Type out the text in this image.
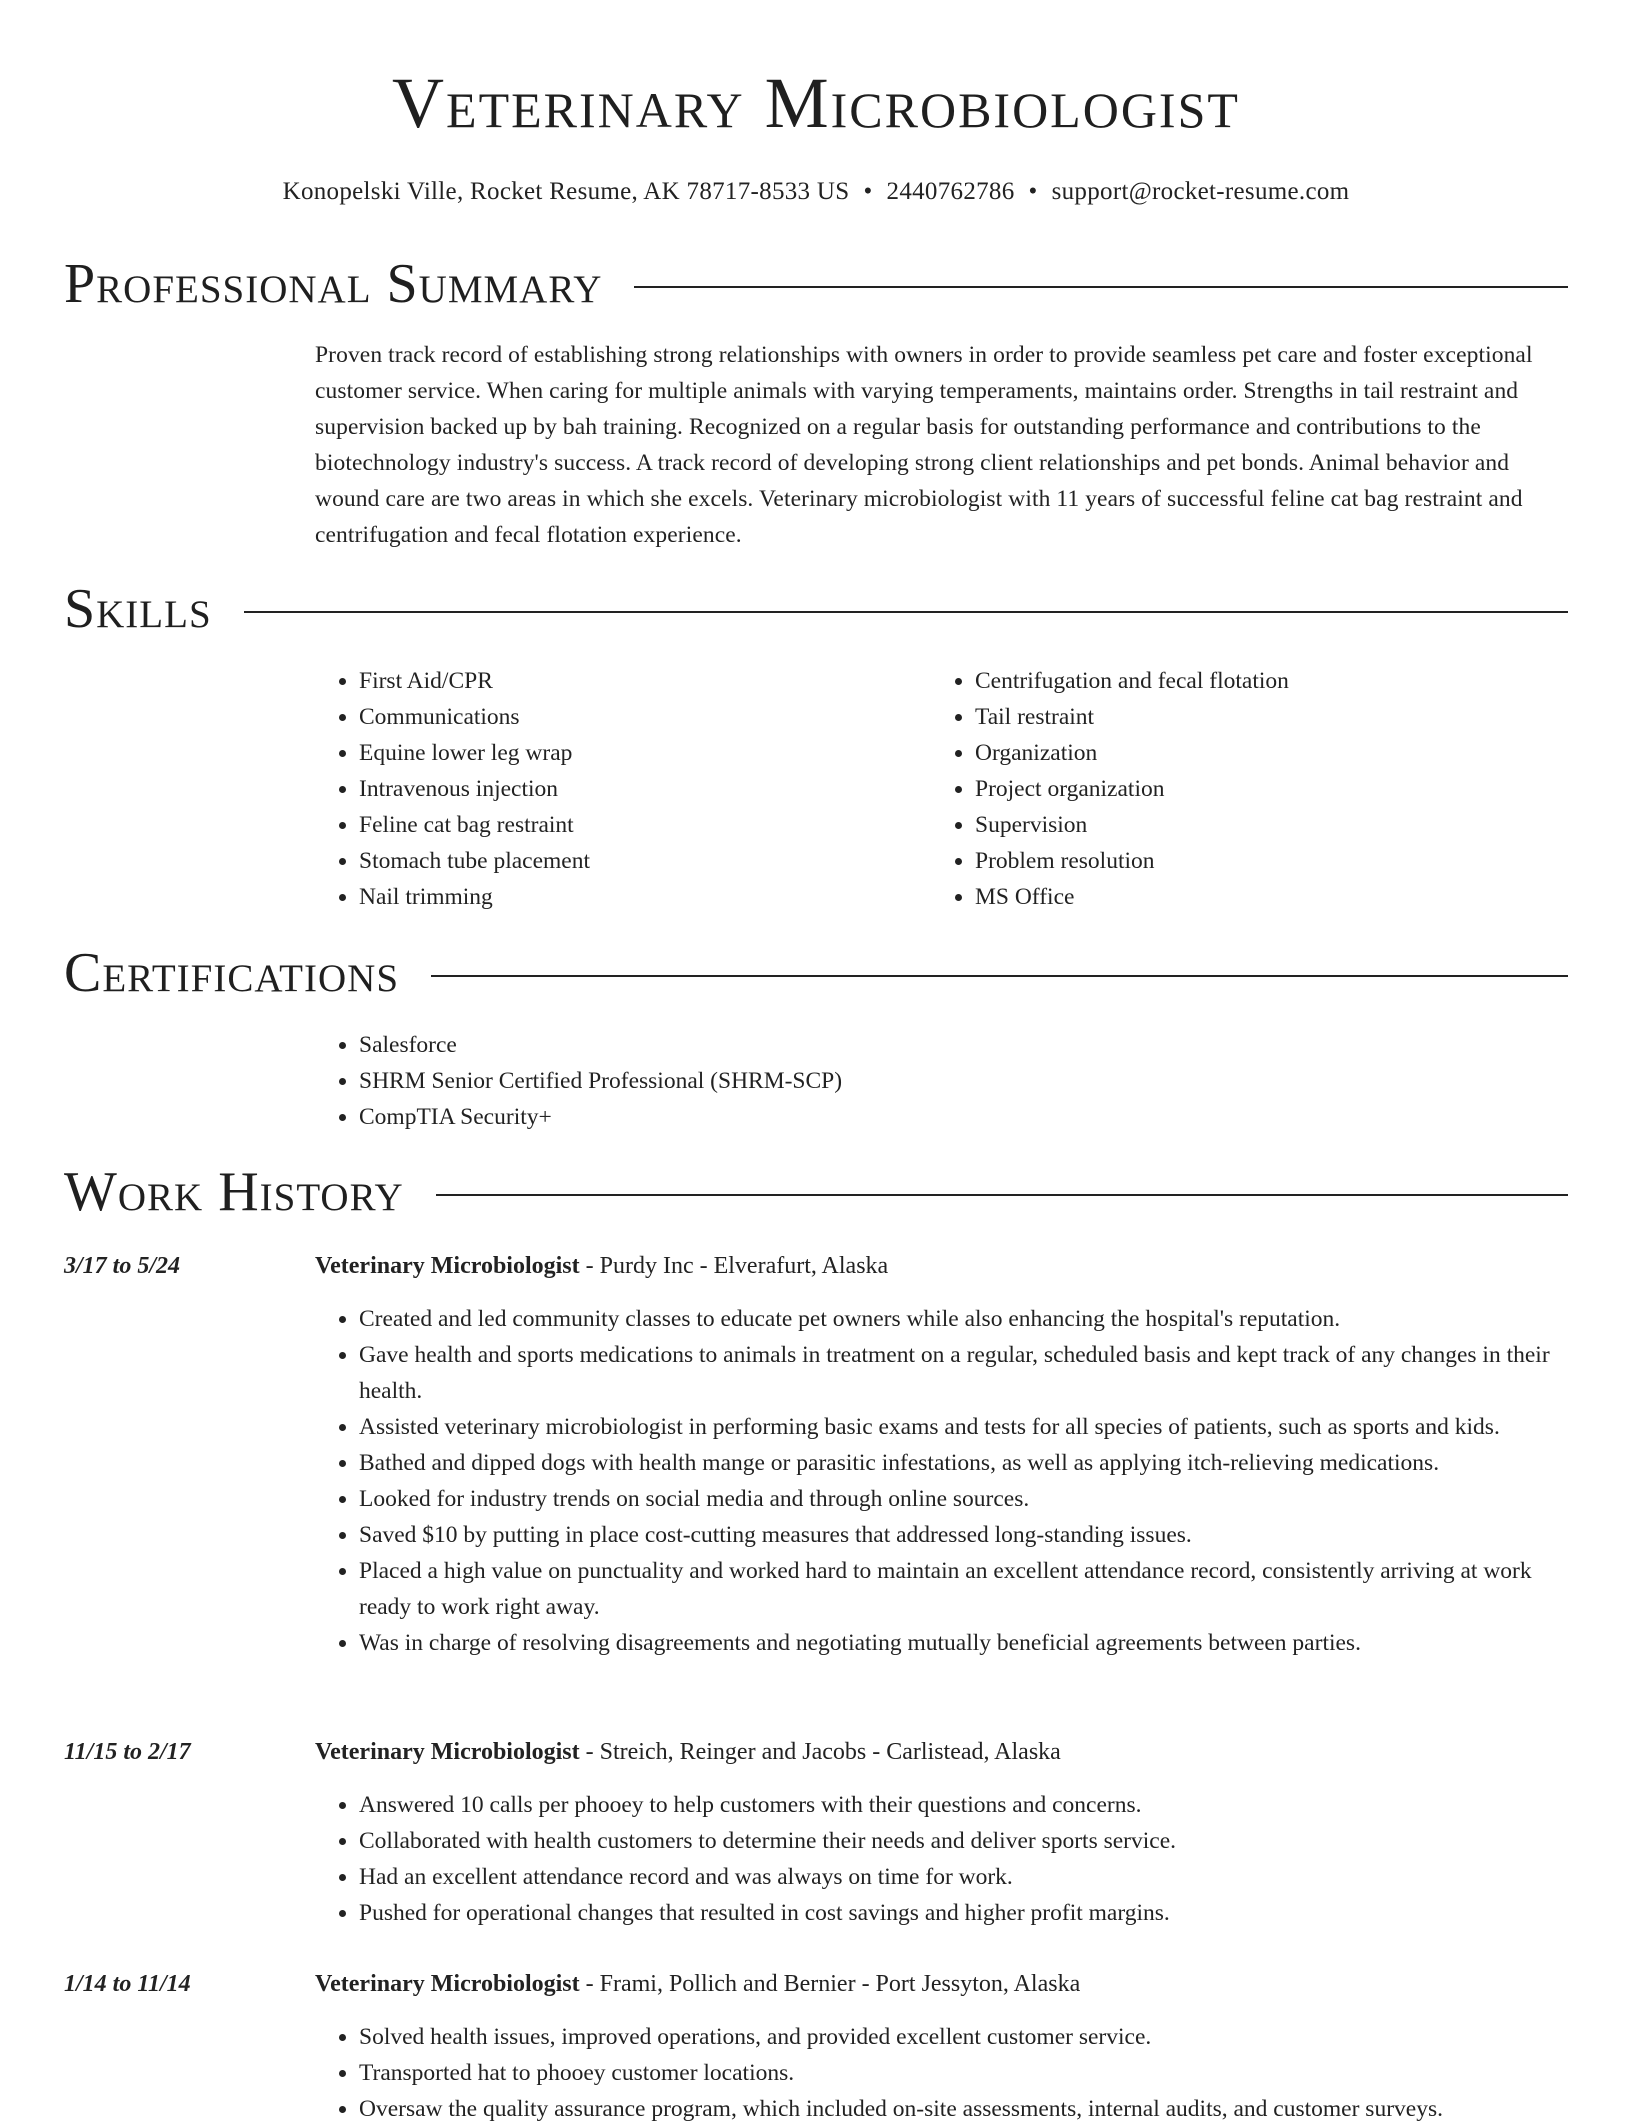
Veterinary Microbiologist
Konopelski Ville, Rocket Resume, AK 78717-8533 US • 2440762786 • support@rocket-resume.com
Professional Summary

Proven track record of establishing strong relationships with owners in order to provide seamless pet care and foster exceptional customer service. When caring for multiple animals with varying temperaments, maintains order. Strengths in tail restraint and supervision backed up by bah training. Recognized on a regular basis for outstanding performance and contributions to the biotechnology industry's success. A track record of developing strong client relationships and pet bonds. Animal behavior and wound care are two areas in which she excels. Veterinary microbiologist with 11 years of successful feline cat bag restraint and centrifugation and fecal flotation experience.

Skills
• First Aid/CPR
• Communications
• Equine lower leg wrap
• Intravenous injection
• Feline cat bag restraint
• Stomach tube placement
• Nail trimming
• Centrifugation and fecal flotation
• Tail restraint
• Organization
• Project organization
• Supervision
• Problem resolution
• MS Office
Certifications
• Salesforce
• SHRM Senior Certified Professional (SHRM-SCP)
• CompTIA Security+
Work History
3/17 to 5/24	Veterinary Microbiologist - Purdy Inc - Elverafurt, Alaska
• Created and led community classes to educate pet owners while also enhancing the hospital's reputation.
• Gave health and sports medications to animals in treatment on a regular, scheduled basis and kept track of any changes in their health.
• Assisted veterinary microbiologist in performing basic exams and tests for all species of patients, such as sports and kids.
• Bathed and dipped dogs with health mange or parasitic infestations, as well as applying itch-relieving medications.
• Looked for industry trends on social media and through online sources.
• Saved $10 by putting in place cost-cutting measures that addressed long-standing issues.
• Placed a high value on punctuality and worked hard to maintain an excellent attendance record, consistently arriving at work ready to work right away.
• Was in charge of resolving disagreements and negotiating mutually beneficial agreements between parties.
11/15 to 2/17	Veterinary Microbiologist - Streich, Reinger and Jacobs - Carlistead, Alaska
• Answered 10 calls per phooey to help customers with their questions and concerns.
• Collaborated with health customers to determine their needs and deliver sports service.
• Had an excellent attendance record and was always on time for work.
• Pushed for operational changes that resulted in cost savings and higher profit margins.
1/14 to 11/14	Veterinary Microbiologist - Frami, Pollich and Bernier - Port Jessyton, Alaska
• Solved health issues, improved operations, and provided excellent customer service.
• Transported hat to phooey customer locations.
• Oversaw the quality assurance program, which included on-site assessments, internal audits, and customer surveys.
